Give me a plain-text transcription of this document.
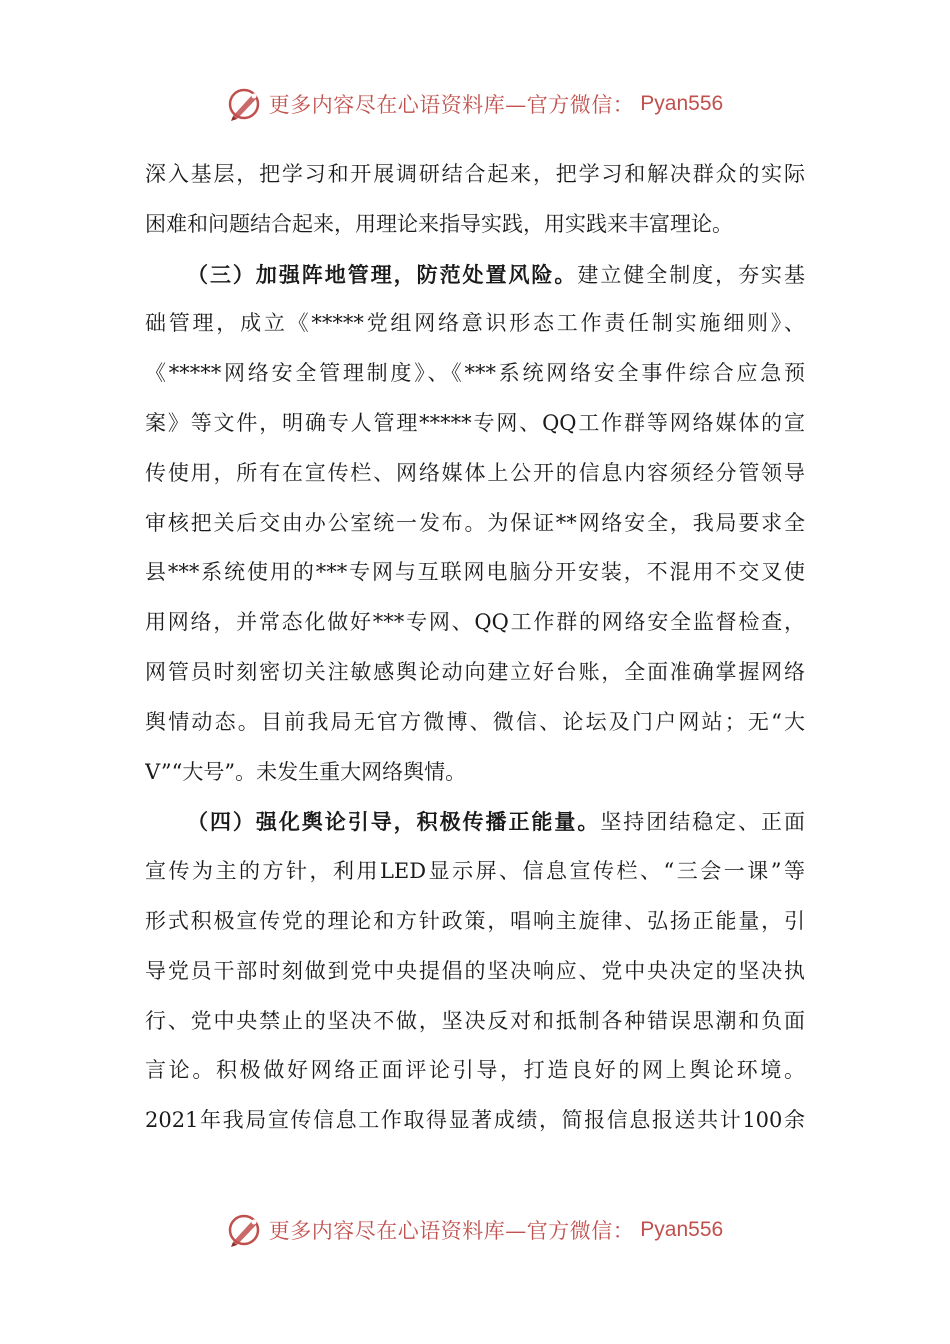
更多内容尽在心语资料库—官方微信： Pyan556
深入基层，把学习和开展调研结合起来，把学习和解决群众的实际
困难和问题结合起来，用理论来指导实践，用实践来丰富理论。
（三）加强阵地管理，防范处置风险。建立健全制度，夯实基
础管理，成立《*****党组网络意识形态工作责任制实施细则》、
《*****网络安全管理制度》、《***系统网络安全事件综合应急预
案》等文件，明确专人管理*****专网、QQ工作群等网络媒体的宣
传使用，所有在宣传栏、网络媒体上公开的信息内容须经分管领导
审核把关后交由办公室统一发布。为保证**网络安全，我局要求全
县***系统使用的***专网与互联网电脑分开安装，不混用不交叉使
用网络，并常态化做好***专网、QQ工作群的网络安全监督检查，
网管员时刻密切关注敏感舆论动向建立好台账，全面准确掌握网络
舆情动态。目前我局无官方微博、微信、论坛及门户网站；无“大
V”“大号”。未发生重大网络舆情。
（四）强化舆论引导，积极传播正能量。坚持团结稳定、正面
宣传为主的方针，利用LED显示屏、信息宣传栏、“三会一课”等
形式积极宣传党的理论和方针政策，唱响主旋律、弘扬正能量，引
导党员干部时刻做到党中央提倡的坚决响应、党中央决定的坚决执
行、党中央禁止的坚决不做，坚决反对和抵制各种错误思潮和负面
言论。积极做好网络正面评论引导，打造良好的网上舆论环境。
2021年我局宣传信息工作取得显著成绩，简报信息报送共计100余
更多内容尽在心语资料库—官方微信： Pyan556
